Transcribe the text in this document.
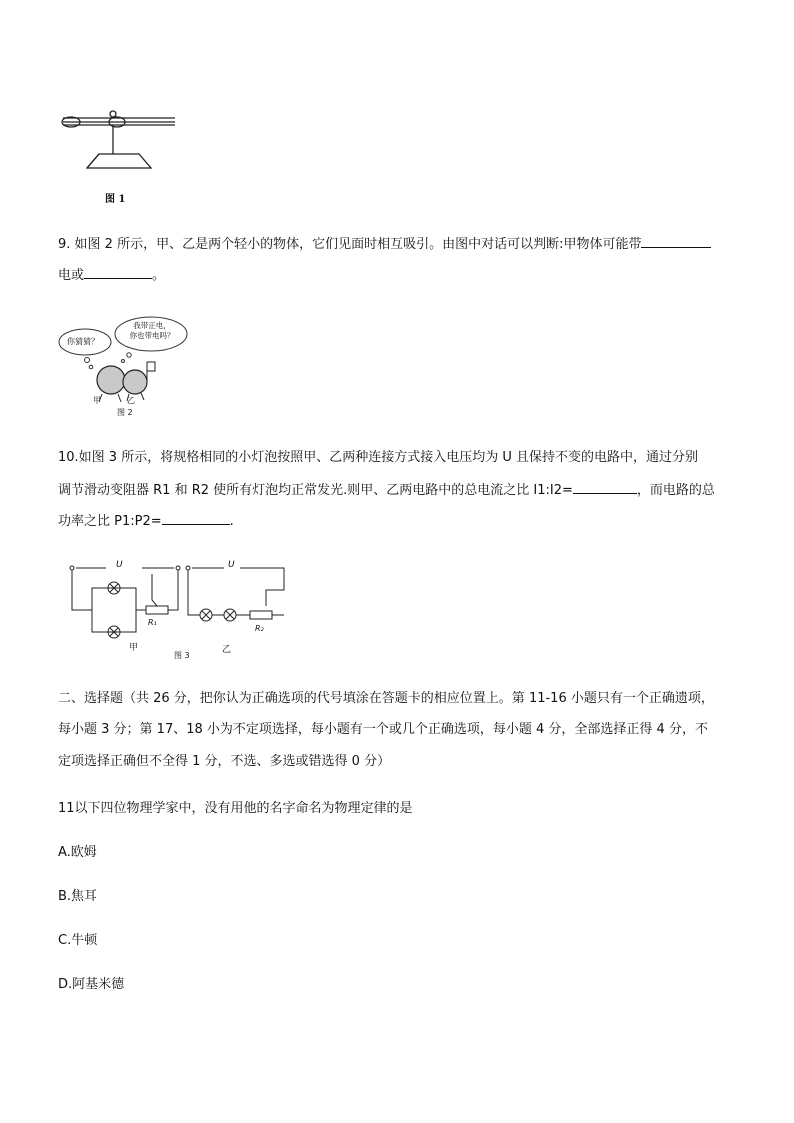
图 1
9. 如图 2 所示，甲、乙是两个轻小的物体，它们见面时相互吸引。由图中对话可以判断:甲物体可能带
电或	。
你猜猜？
我带正电，
你也带电吗？
甲	乙
图 2
10.如图 3 所示，将规格相同的小灯泡按照甲、乙两种连接方式接入电压均为 U 且保持不变的电路中，通过分别
调节滑动变阻器 R1 和 R2 使所有灯泡均正常发光.则甲、乙两电路中的总电流之比 I1:I2=	，而电路的总
功率之比 P1:P2=	.
U	U
R₁
R₂
甲	乙
图 3
二、选择题（共 26 分，把你认为正确选项的代号填涂在答题卡的相应位置上。第 11-16 小题只有一个正确遗项，
每小题 3 分；第 17、18 小为不定项选择，每小题有一个或几个正确选项，每小题 4 分，全部选择正得 4 分，不
定项选择正确但不全得 1 分，不选、多选或错选得 0 分）
11以下四位物理学家中，没有用他的名字命名为物理定律的是
A.欧姆
B.焦耳
C.牛顿
D.阿基米德
